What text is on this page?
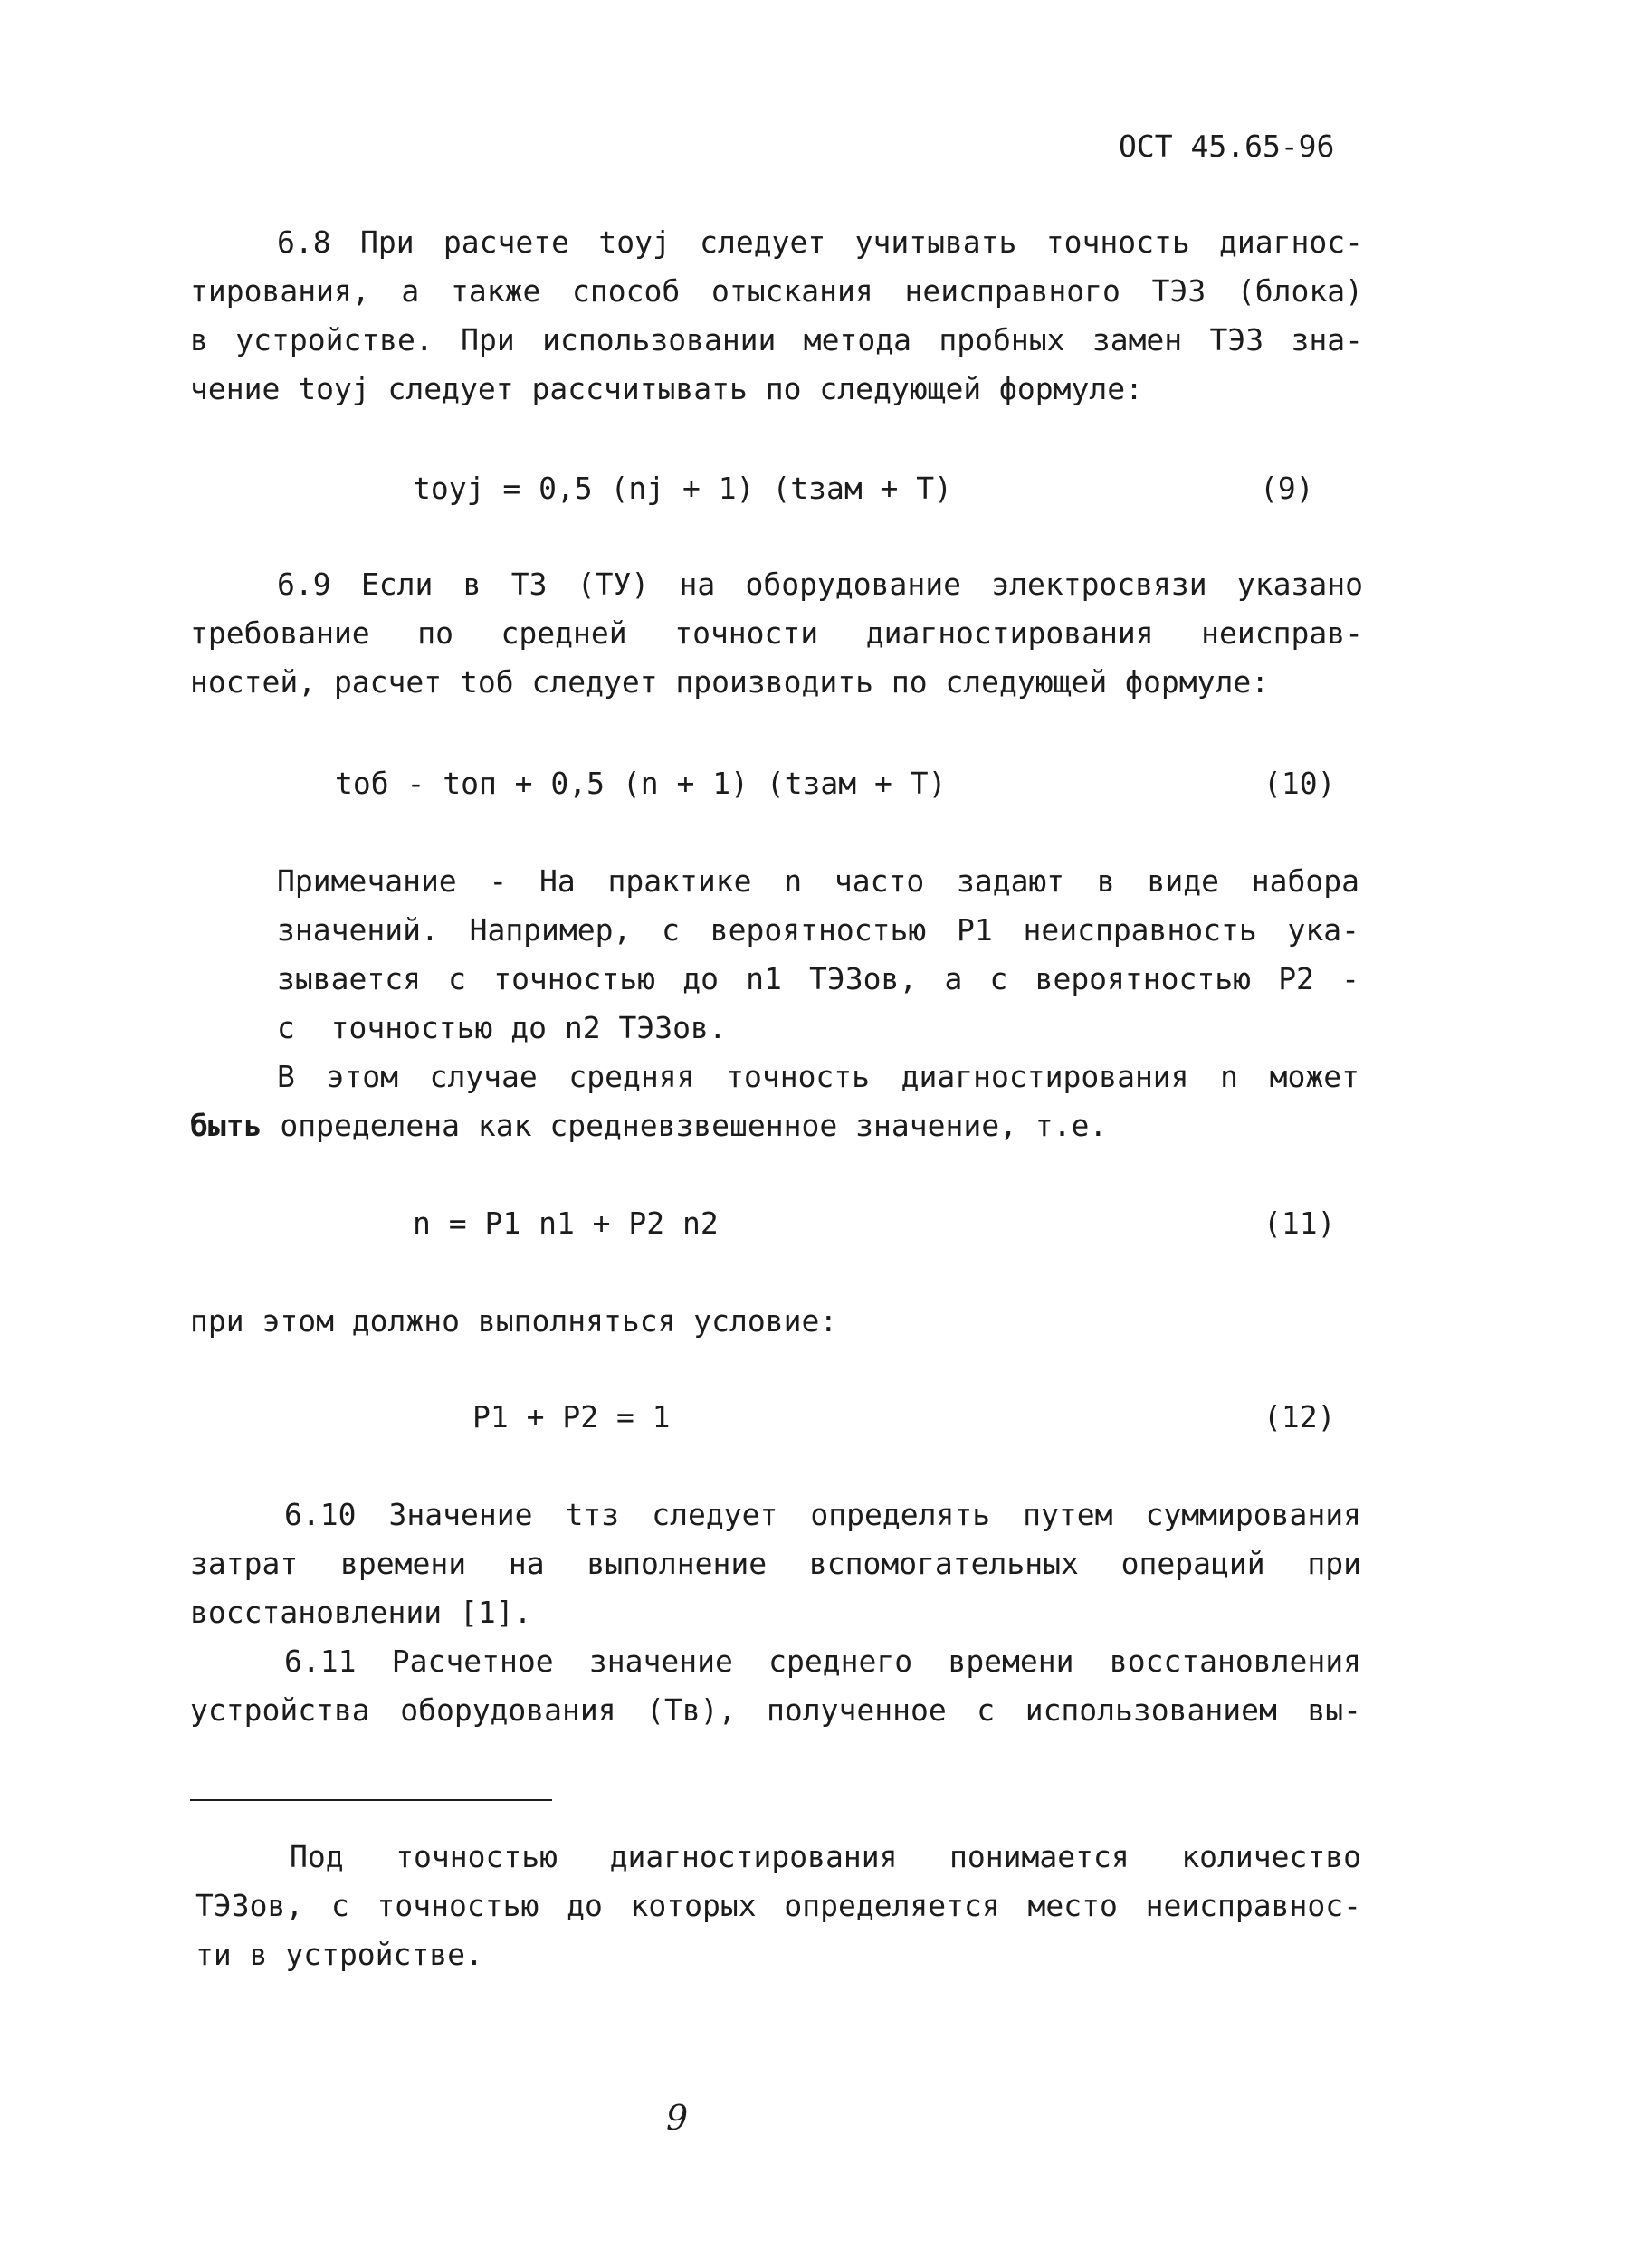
ОСТ 45.65-96
6.8 При расчете toyj следует учитывать точность диагнос-
тирования, а также способ отыскания неисправного ТЭЗ (блока)
в устройстве. При использовании метода пробных замен ТЭЗ зна-
чение toyj следует рассчитывать по следующей формуле:
toyj = 0,5 (nj + 1) (tзам + T)	(9)
6.9 Если в ТЗ (ТУ) на оборудование электросвязи указано
требование по средней точности диагностирования неисправ-
ностей, расчет tоб следует производить по следующей формуле:
tоб - tоп + 0,5 (n + 1) (tзам + T)	(10)
Примечание - На практике n часто задают в виде набора
значений. Например, с вероятностью P1 неисправность ука-
зывается с точностью до n1 ТЭЗов, а с вероятностью P2 -
с  точностью до n2 ТЭЗов.
В этом случае средняя точность диагностирования n может
быть определена как средневзвешенное значение, т.е.
n = P1 n1 + P2 n2	(11)
при этом должно выполняться условие:
P1 + P2 = 1	(12)
6.10 Значение tтз следует определять путем суммирования
затрат времени на выполнение вспомогательных операций при
восстановлении [1].
6.11 Расчетное значение среднего времени восстановления
устройства оборудования (Тв), полученное с использованием вы-
Под точностью диагностирования понимается количество
ТЭЗов, с точностью до которых определяется место неисправнос-
ти в устройстве.
9
